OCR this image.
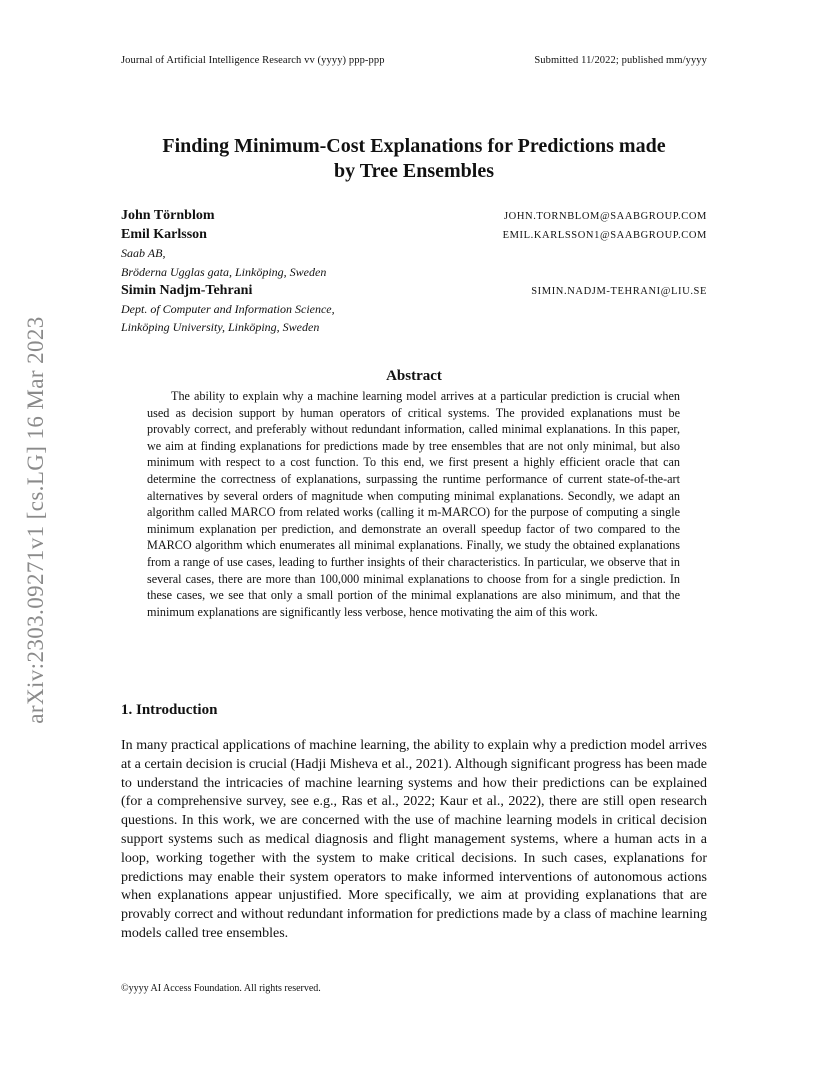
arXiv:2303.09271v1 [cs.LG] 16 Mar 2023
Journal of Artificial Intelligence Research vv (yyyy) ppp-ppp	Submitted 11/2022; published mm/yyyy
Finding Minimum-Cost Explanations for Predictions made
by Tree Ensembles
John Törnblom	JOHN.TORNBLOM@SAABGROUP.COM
Emil Karlsson	EMIL.KARLSSON1@SAABGROUP.COM
Saab AB,
Bröderna Ugglas gata, Linköping, Sweden
Simin Nadjm-Tehrani	SIMIN.NADJM-TEHRANI@LIU.SE
Dept. of Computer and Information Science,
Linköping University, Linköping, Sweden
Abstract
The ability to explain why a machine learning model arrives at a particular prediction is crucial when used as decision support by human operators of critical systems. The provided explanations must be provably correct, and preferably without redundant information, called minimal explanations. In this paper, we aim at finding explanations for predictions made by tree ensembles that are not only minimal, but also minimum with respect to a cost function. To this end, we first present a highly efficient oracle that can determine the correctness of explanations, surpassing the runtime performance of current state-of-the-art alternatives by several orders of magnitude when computing minimal explanations. Secondly, we adapt an algorithm called MARCO from related works (calling it m-MARCO) for the purpose of computing a single minimum explanation per prediction, and demonstrate an overall speedup factor of two compared to the MARCO algorithm which enumerates all minimal explanations. Finally, we study the obtained explanations from a range of use cases, leading to further insights of their characteristics. In particular, we observe that in several cases, there are more than 100,000 minimal explanations to choose from for a single prediction. In these cases, we see that only a small portion of the minimal explanations are also minimum, and that the minimum explanations are significantly less verbose, hence motivating the aim of this work.
1. Introduction
In many practical applications of machine learning, the ability to explain why a prediction model arrives at a certain decision is crucial (Hadji Misheva et al., 2021). Although significant progress has been made to understand the intricacies of machine learning systems and how their predictions can be explained (for a comprehensive survey, see e.g., Ras et al., 2022; Kaur et al., 2022), there are still open research questions. In this work, we are concerned with the use of machine learning models in critical decision support systems such as medical diagnosis and flight management systems, where a human acts in a loop, working together with the system to make critical decisions. In such cases, explanations for predictions may enable their system operators to make informed interventions of autonomous actions when explanations appear unjustified. More specifically, we aim at providing explanations that are provably correct and without redundant information for predictions made by a class of machine learning models called tree ensembles.
©yyyy AI Access Foundation. All rights reserved.
